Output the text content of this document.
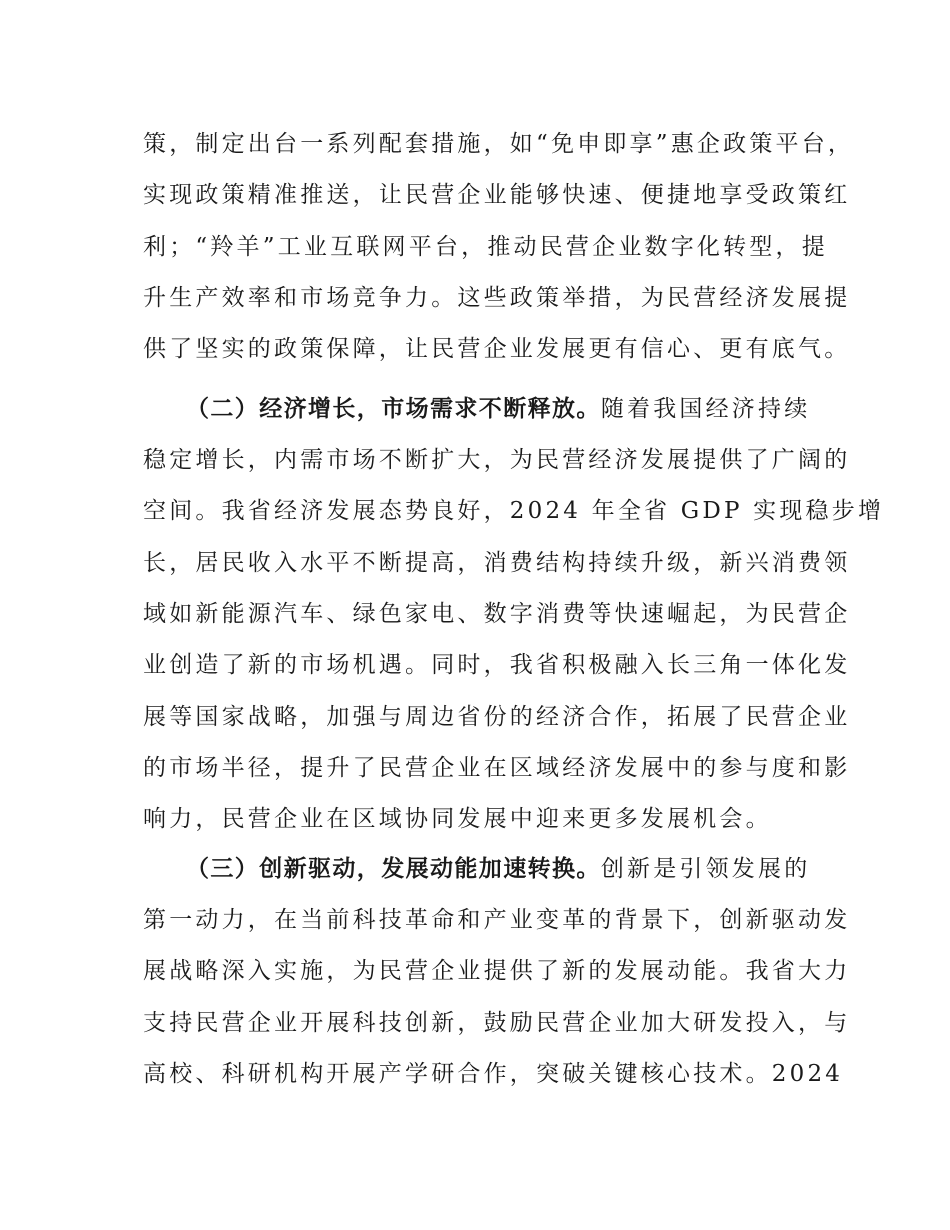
策，制定出台一系列配套措施，如“免申即享”惠企政策平台，
实现政策精准推送，让民营企业能够快速、便捷地享受政策红
利；“羚羊”工业互联网平台，推动民营企业数字化转型，提
升生产效率和市场竞争力。这些政策举措，为民营经济发展提
供了坚实的政策保障，让民营企业发展更有信心、更有底气。
（二）经济增长，市场需求不断释放。随着我国经济持续
稳定增长，内需市场不断扩大，为民营经济发展提供了广阔的
空间。我省经济发展态势良好，2024 年全省 GDP 实现稳步增
长，居民收入水平不断提高，消费结构持续升级，新兴消费领
域如新能源汽车、绿色家电、数字消费等快速崛起，为民营企
业创造了新的市场机遇。同时，我省积极融入长三角一体化发
展等国家战略，加强与周边省份的经济合作，拓展了民营企业
的市场半径，提升了民营企业在区域经济发展中的参与度和影
响力，民营企业在区域协同发展中迎来更多发展机会。
（三）创新驱动，发展动能加速转换。创新是引领发展的
第一动力，在当前科技革命和产业变革的背景下，创新驱动发
展战略深入实施，为民营企业提供了新的发展动能。我省大力
支持民营企业开展科技创新，鼓励民营企业加大研发投入，与
高校、科研机构开展产学研合作，突破关键核心技术。2024
